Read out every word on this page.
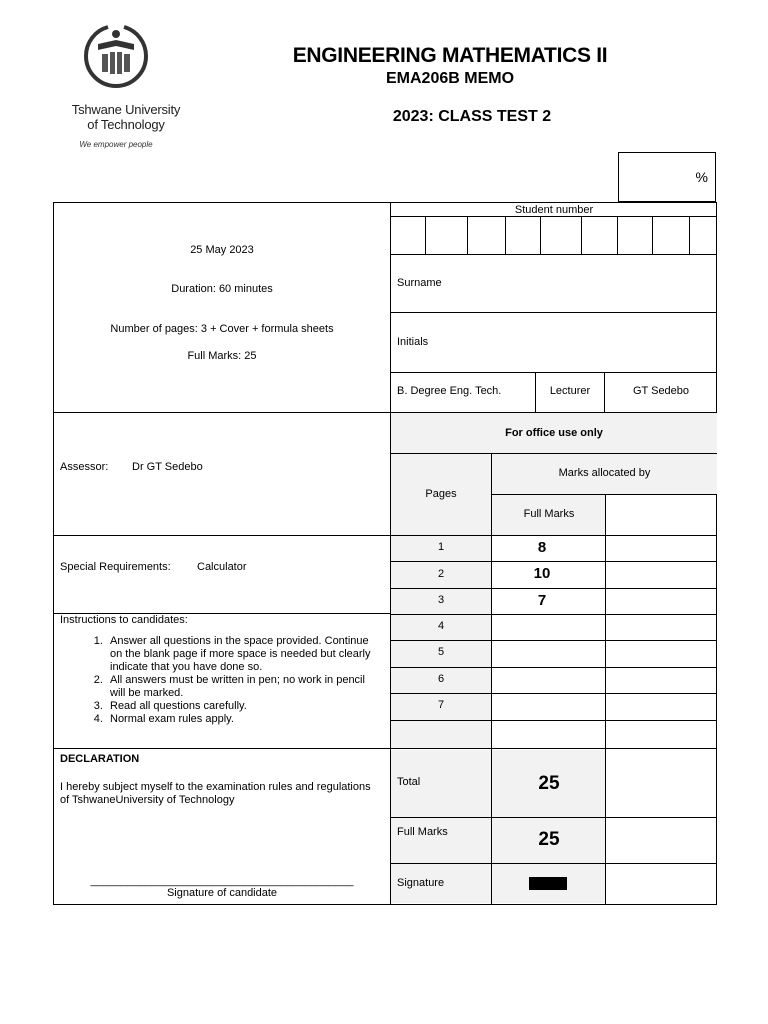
Tshwane University
of Technology
We empower people
ENGINEERING MATHEMATICS II
EMA206B MEMO
2023: CLASS TEST 2
%
25 May 2023
Duration: 60 minutes
Number of pages: 3 + Cover + formula sheets
Full Marks: 25
Student number
Surname
Initials
B. Degree Eng. Tech.	Lecturer	GT Sedebo
Assessor: Dr GT Sedebo
For office use only
Pages
Marks allocated by
Full Marks
Special Requirements: Calculator
1	8
2	10
3	7
4
5
6
7
Total	25
Full Marks	25
Signature
Instructions to candidates:
1. Answer all questions in the space provided. Continue on the blank page if more space is needed but clearly indicate that you have done so.
2. All answers must be written in pen; no work in pencil will be marked.
3. Read all questions carefully.
4. Normal exam rules apply.
DECLARATION
I hereby subject myself to the examination rules and regulations
of TshwaneUniversity of Technology
___________________________________________
Signature of candidate
